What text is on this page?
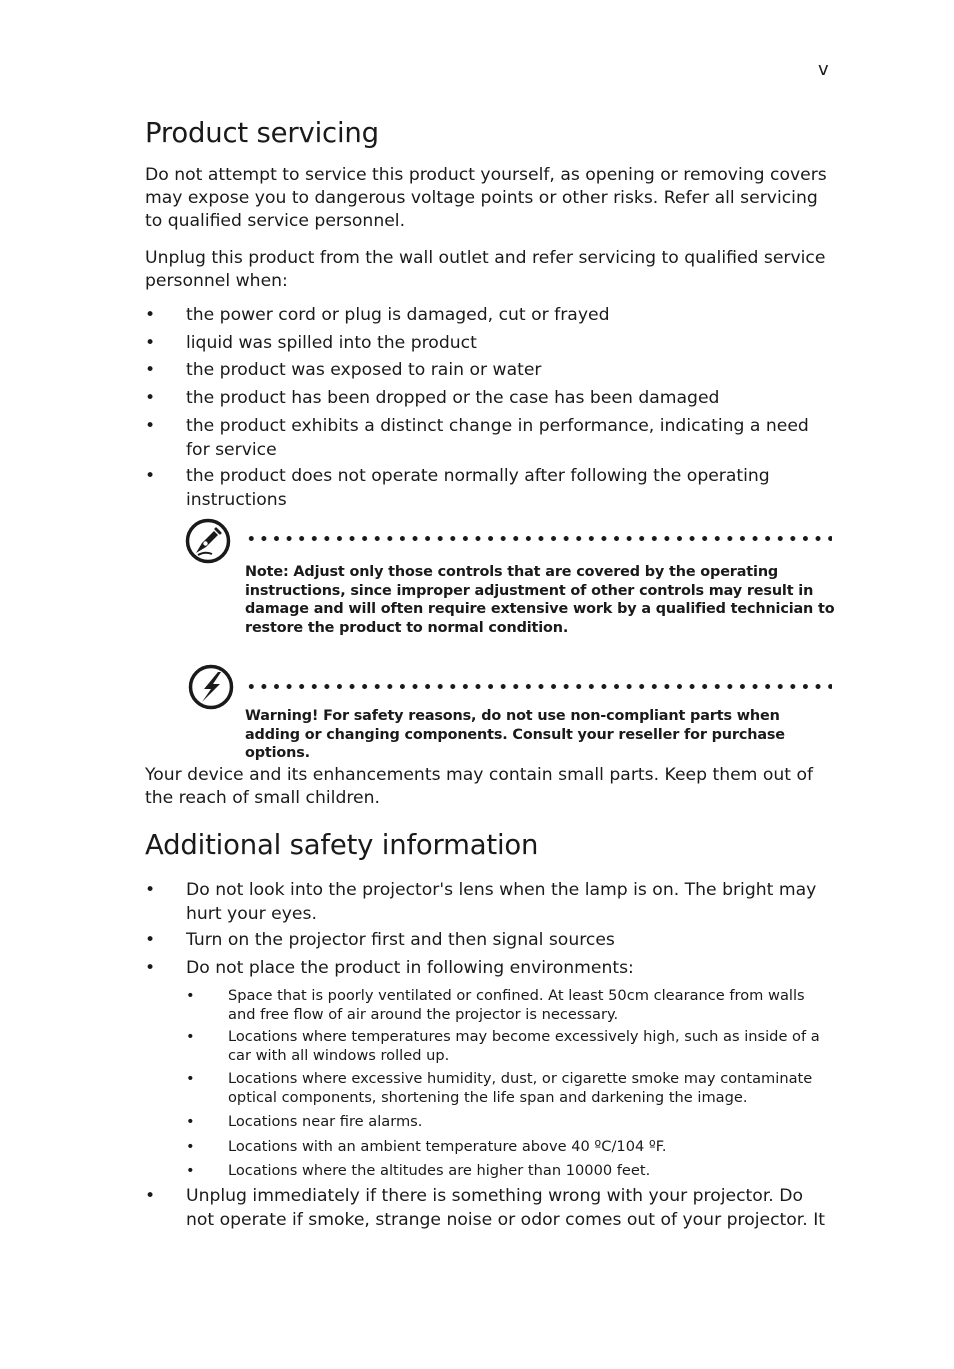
v
Product servicing

Do not attempt to service this product yourself, as opening or removing covers may expose you to dangerous voltage points or other risks. Refer all servicing to qualified service personnel.

Unplug this product from the wall outlet and refer servicing to qualified service personnel when:

•	the power cord or plug is damaged, cut or frayed
•	liquid was spilled into the product
•	the product was exposed to rain or water
•	the product has been dropped or the case has been damaged
•	the product exhibits a distinct change in performance, indicating a need for service
•	the product does not operate normally after following the operating instructions
Note: Adjust only those controls that are covered by the operating instructions, since improper adjustment of other controls may result in damage and will often require extensive work by a qualified technician to restore the product to normal condition.
Warning! For safety reasons, do not use non-compliant parts when adding or changing components. Consult your reseller for purchase options.

Your device and its enhancements may contain small parts. Keep them out of the reach of small children.

Additional safety information
•	Do not look into the projector's lens when the lamp is on. The bright may hurt your eyes.
•	Turn on the projector first and then signal sources
•	Do not place the product in following environments:
•	Space that is poorly ventilated or confined. At least 50cm clearance from walls and free flow of air around the projector is necessary.
•	Locations where temperatures may become excessively high, such as inside of a car with all windows rolled up.
•	Locations where excessive humidity, dust, or cigarette smoke may contaminate optical components, shortening the life span and darkening the image.
•	Locations near fire alarms.
•	Locations with an ambient temperature above 40 ºC/104 ºF.
•	Locations where the altitudes are higher than 10000 feet.
•	Unplug immediately if there is something wrong with your projector. Do not operate if smoke, strange noise or odor comes out of your projector. It
